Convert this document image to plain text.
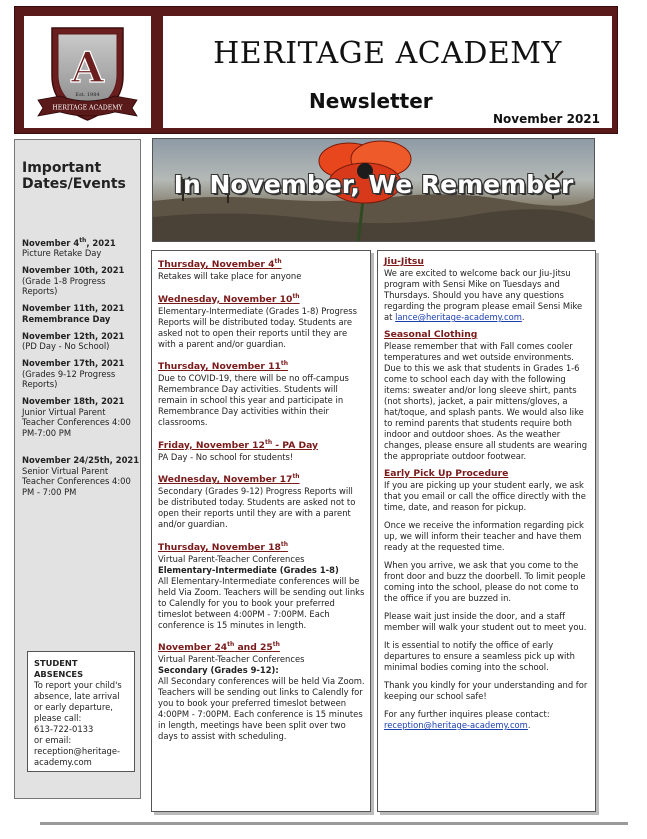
A
Est. 1984
HERITAGE ACADEMY
HERITAGE ACADEMY
Newsletter
November 2021
Important Dates/Events
November 4th, 2021
Picture Retake Day
November 10th, 2021
(Grade 1-8 Progress Reports)
November 11th, 2021
Remembrance Day
November 12th, 2021
(PD Day - No School)
November 17th, 2021
(Grades 9-12 Progress Reports)
November 18th, 2021
Junior Virtual Parent Teacher Conferences 4:00 PM-7:00 PM
November 24/25th, 2021
Senior Virtual Parent Teacher Conferences 4:00 PM - 7:00 PM
STUDENT ABSENCES
To report your child's absence, late arrival or early departure, please call:
613-722-0133
or email:
reception@heritage-academy.com
In November, We Remember
Thursday, November 4th
Retakes will take place for anyone
Wednesday, November 10th
Elementary-Intermediate (Grades 1-8) Progress Reports will be distributed today. Students are asked not to open their reports until they are with a parent and/or guardian.
Thursday, November 11th
Due to COVID-19, there will be no off-campus Remembrance Day activities. Students will remain in school this year and participate in Remembrance Day activities within their classrooms.
Friday, November 12th - PA Day
PA Day - No school for students!
Wednesday, November 17th
Secondary (Grades 9-12) Progress Reports will be distributed today. Students are asked not to open their reports until they are with a parent and/or guardian.
Thursday, November 18th
Virtual Parent-Teacher Conferences
Elementary-Intermediate (Grades 1-8)
All Elementary-Intermediate conferences will be held Via Zoom. Teachers will be sending out links to Calendly for you to book your preferred timeslot between 4:00PM - 7:00PM. Each conference is 15 minutes in length.
November 24th and 25th
Virtual Parent-Teacher Conferences
Secondary (Grades 9-12):
All Secondary conferences will be held Via Zoom. Teachers will be sending out links to Calendly for you to book your preferred timeslot between 4:00PM - 7:00PM. Each conference is 15 minutes in length, meetings have been split over two days to assist with scheduling.
Jiu-Jitsu
We are excited to welcome back our Jiu-Jitsu program with Sensi Mike on Tuesdays and Thursdays. Should you have any questions regarding the program please email Sensi Mike at lance@heritage-academy.com.
Seasonal Clothing
Please remember that with Fall comes cooler temperatures and wet outside environments. Due to this we ask that students in Grades 1-6 come to school each day with the following items: sweater and/or long sleeve shirt, pants (not shorts), jacket, a pair mittens/gloves, a hat/toque, and splash pants. We would also like to remind parents that students require both indoor and outdoor shoes. As the weather changes, please ensure all students are wearing the appropriate outdoor footwear.
Early Pick Up Procedure
If you are picking up your student early, we ask that you email or call the office directly with the time, date, and reason for pickup.
Once we receive the information regarding pick up, we will inform their teacher and have them ready at the requested time.
When you arrive, we ask that you come to the front door and buzz the doorbell. To limit people coming into the school, please do not come to the office if you are buzzed in.
Please wait just inside the door, and a staff member will walk your student out to meet you.
It is essential to notify the office of early departures to ensure a seamless pick up with minimal bodies coming into the school.
Thank you kindly for your understanding and for keeping our school safe!
For any further inquires please contact: reception@heritage-academy.com.
